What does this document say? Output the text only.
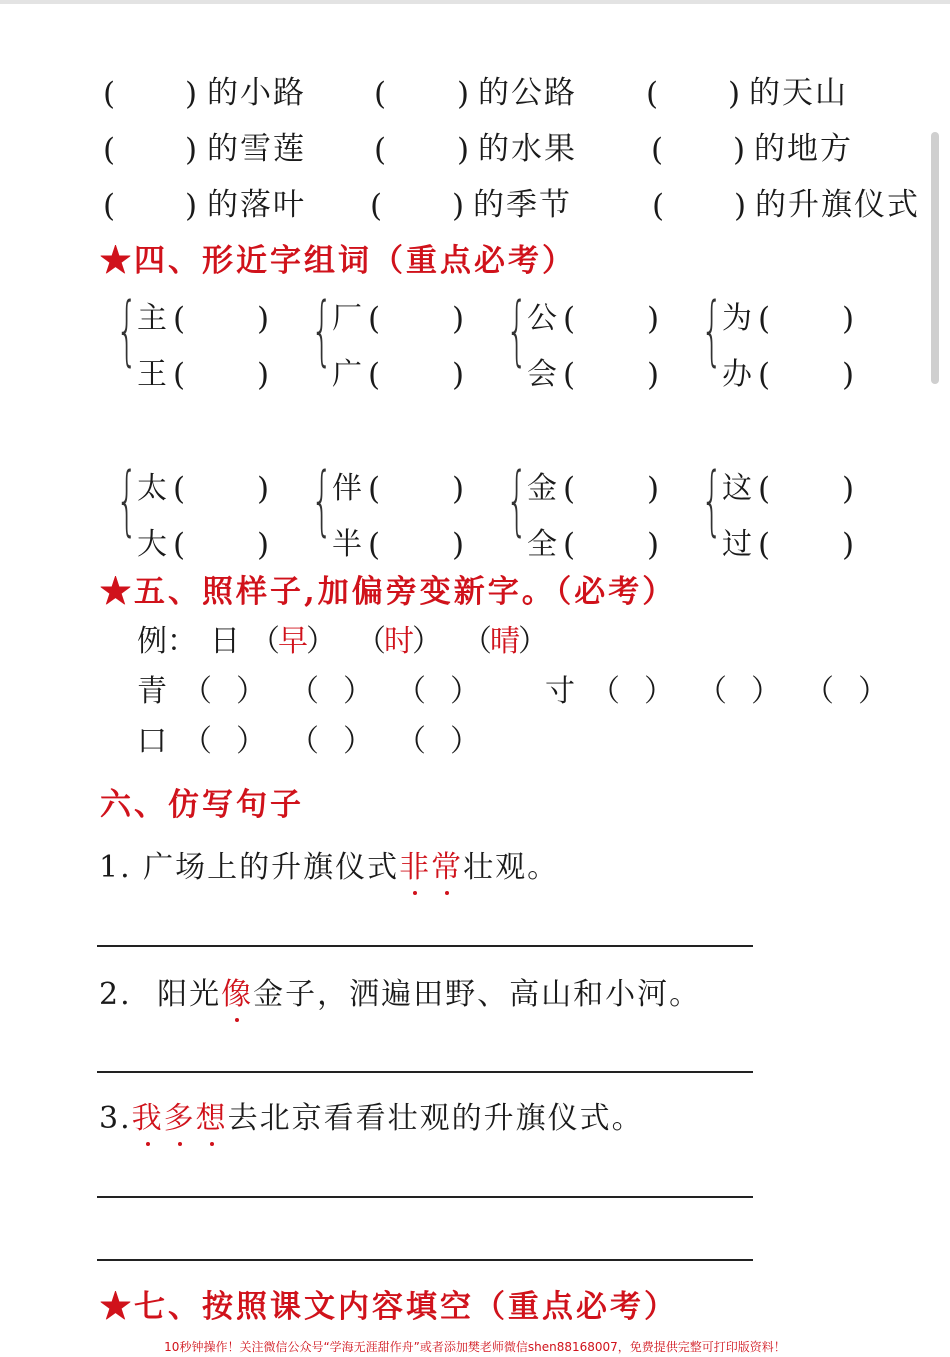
( ) 的小路 ( ) 的公路 ( ) 的天山
( ) 的雪莲 ( ) 的水果 ( ) 的地方
( ) 的落叶 ( ) 的季节	( ) 的升旗仪式
★四、形近字组词（重点必考）
{ 主 ( )
王 ( )
{ 厂 ( )
广 ( )
{ 公 ( )
会 ( )
{ 为 ( )
办 ( )
{ 太 ( )
大 ( )
{ 伴 ( )
半 ( )
{ 金 ( )
全 ( )
{ 这 ( )
过 ( )
★五、照样子,加偏旁变新字。（必考）
例： 日 （
早
） （
时
） （
晴
）
青 （ ） （ ） （ ） 寸 （ ） （ ） （ ）
口 （ ） （ ） （ ）
六、仿写句子
1. 广场上的升旗仪式非常壮观。
2. 阳光像金子，洒遍田野、高山和小河。
3.我多想去北京看看壮观的升旗仪式。
★七、按照课文内容填空（重点必考）
10秒钟操作！关注微信公众号“学海无涯甜作舟”或者添加樊老师微信shen88168007，免费提供完整可打印版资料！
